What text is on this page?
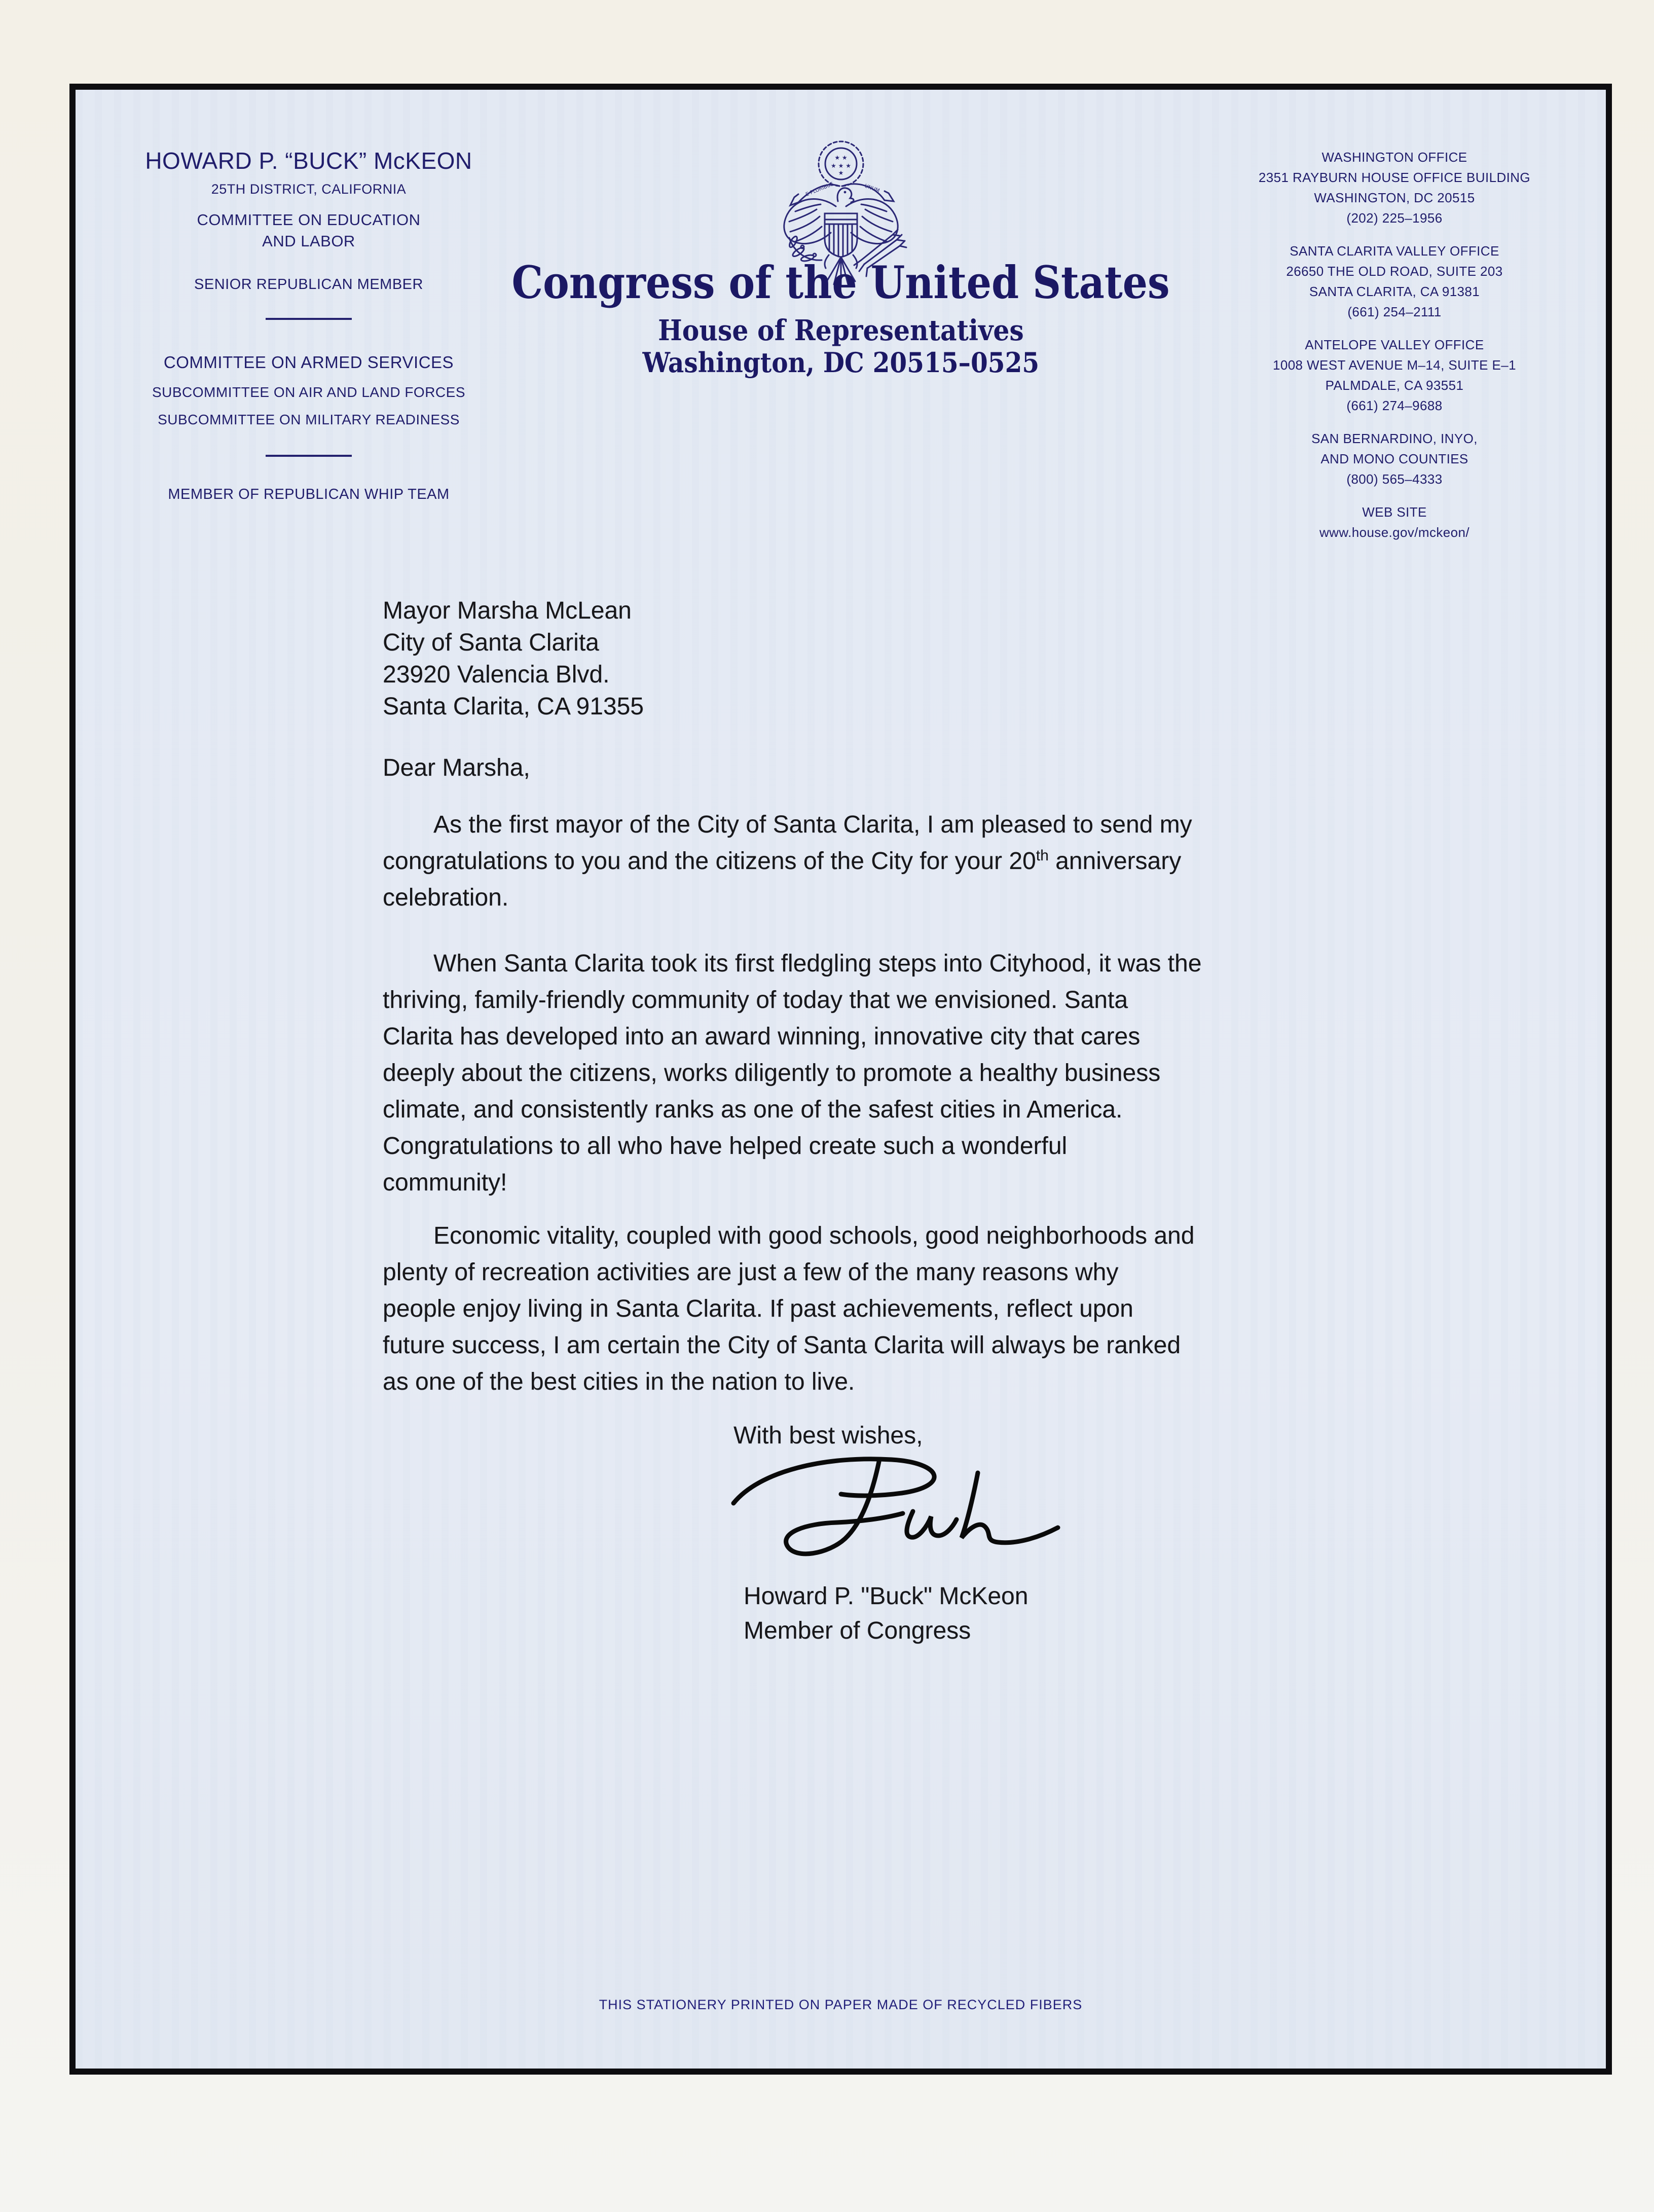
HOWARD P. “BUCK” McKEON
25TH DISTRICT, CALIFORNIA
COMMITTEE ON EDUCATION
AND LABOR
SENIOR REPUBLICAN MEMBER
COMMITTEE ON ARMED SERVICES
SUBCOMMITTEE ON AIR AND LAND FORCES
SUBCOMMITTEE ON MILITARY READINESS
MEMBER OF REPUBLICAN WHIP TEAM
★ ★
★ ★ ★
★
E PLURIBUS	UNUM
Congress of the United States
House of Representatives
Washington, DC 20515–0525
WASHINGTON OFFICE
2351 RAYBURN HOUSE OFFICE BUILDING
WASHINGTON, DC 20515
(202) 225–1956
SANTA CLARITA VALLEY OFFICE
26650 THE OLD ROAD, SUITE 203
SANTA CLARITA, CA 91381
(661) 254–2111
ANTELOPE VALLEY OFFICE
1008 WEST AVENUE M–14, SUITE E–1
PALMDALE, CA 93551
(661) 274–9688
SAN BERNARDINO, INYO,
AND MONO COUNTIES
(800) 565–4333
WEB SITE
www.house.gov/mckeon/
Mayor Marsha McLean
City of Santa Clarita
23920 Valencia Blvd.
Santa Clarita, CA 91355
Dear Marsha,
As the first mayor of the City of Santa Clarita, I am pleased to send my
congratulations to you and the citizens of the City for your 20th anniversary
celebration.
When Santa Clarita took its first fledgling steps into Cityhood, it was the
thriving, family-friendly community of today that we envisioned. Santa
Clarita has developed into an award winning, innovative city that cares
deeply about the citizens, works diligently to promote a healthy business
climate, and consistently ranks as one of the safest cities in America.
Congratulations to all who have helped create such a wonderful
community!
Economic vitality, coupled with good schools, good neighborhoods and
plenty of recreation activities are just a few of the many reasons why
people enjoy living in Santa Clarita. If past achievements, reflect upon
future success, I am certain the City of Santa Clarita will always be ranked
as one of the best cities in the nation to live.
With best wishes,
Howard P. "Buck" McKeon
Member of Congress
THIS STATIONERY PRINTED ON PAPER MADE OF RECYCLED FIBERS
